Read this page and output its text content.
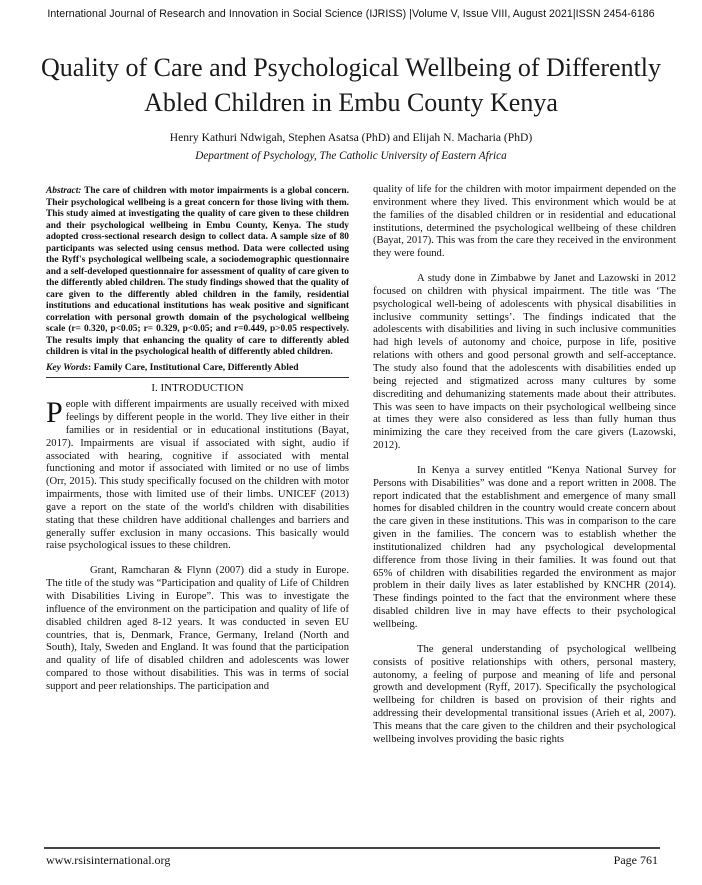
International Journal of Research and Innovation in Social Science (IJRISS) |Volume V, Issue VIII, August 2021|ISSN 2454-6186
Quality of Care and Psychological Wellbeing of Differently Abled Children in Embu County Kenya
Henry Kathuri Ndwigah, Stephen Asatsa (PhD) and Elijah N. Macharia (PhD)
Department of Psychology, The Catholic University of Eastern Africa

Abstract: The care of children with motor impairments is a global concern. Their psychological wellbeing is a great concern for those living with them. This study aimed at investigating the quality of care given to these children and their psychological wellbeing in Embu County, Kenya. The study adopted cross-sectional research design to collect data. A sample size of 80 participants was selected using census method. Data were collected using the Ryff's psychological wellbeing scale, a sociodemographic questionnaire and a self-developed questionnaire for assessment of quality of care given to the differently abled children. The study findings showed that the quality of care given to the differently abled children in the family, residential institutions and educational institutions has weak positive and significant correlation with personal growth domain of the psychological wellbeing scale (r= 0.320, p<0.05; r= 0.329, p<0.05; and r=0.449, p>0.05 respectively. The results imply that enhancing the quality of care to differently abled children is vital in the psychological health of differently abled children.

Key Words: Family Care, Institutional Care, Differently Abled

I. INTRODUCTION

People with different impairments are usually received with mixed feelings by different people in the world. They live either in their families or in residential or in educational institutions (Bayat, 2017). Impairments are visual if associated with sight, audio if associated with hearing, cognitive if associated with mental functioning and motor if associated with limited or no use of limbs (Orr, 2015). This study specifically focused on the children with motor impairments, those with limited use of their limbs. UNICEF (2013) gave a report on the state of the world's children with disabilities stating that these children have additional challenges and barriers and generally suffer exclusion in many occasions. This basically would raise psychological issues to these children.

Grant, Ramcharan & Flynn (2007) did a study in Europe. The title of the study was “Participation and quality of Life of Children with Disabilities Living in Europe”. This was to investigate the influence of the environment on the participation and quality of life of disabled children aged 8-12 years. It was conducted in seven EU countries, that is, Denmark, France, Germany, Ireland (North and South), Italy, Sweden and England. It was found that the participation and quality of life of disabled children and adolescents was lower compared to those without disabilities. This was in terms of social support and peer relationships. The participation and

quality of life for the children with motor impairment depended on the environment where they lived. This environment which would be at the families of the disabled children or in residential and educational institutions, determined the psychological wellbeing of these children (Bayat, 2017). This was from the care they received in the environment they were found.

A study done in Zimbabwe by Janet and Lazowski in 2012 focused on children with physical impairment. The title was ‘The psychological well-being of adolescents with physical disabilities in inclusive community settings’. The findings indicated that the adolescents with disabilities and living in such inclusive communities had high levels of autonomy and choice, purpose in life, positive relations with others and good personal growth and self-acceptance. The study also found that the adolescents with disabilities ended up being rejected and stigmatized across many cultures by some discrediting and dehumanizing statements made about their attributes. This was seen to have impacts on their psychological wellbeing since at times they were also considered as less than fully human thus minimizing the care they received from the care givers (Lazowski, 2012).

In Kenya a survey entitled “Kenya National Survey for Persons with Disabilities” was done and a report written in 2008. The report indicated that the establishment and emergence of many small homes for disabled children in the country would create concern about the care given in these institutions. This was in comparison to the care given in the families. The concern was to establish whether the institutionalized children had any psychological developmental difference from those living in their families. It was found out that 65% of children with disabilities regarded the environment as major problem in their daily lives as later established by KNCHR (2014). These findings pointed to the fact that the environment where these disabled children live in may have effects to their psychological wellbeing.

The general understanding of psychological wellbeing consists of positive relationships with others, personal mastery, autonomy, a feeling of purpose and meaning of life and personal growth and development (Ryff, 2017). Specifically the psychological wellbeing for children is based on provision of their rights and addressing their developmental transitional issues (Arieh et al, 2007). This means that the care given to the children and their psychological wellbeing involves providing the basic rights

www.rsisinternational.org	Page 761
